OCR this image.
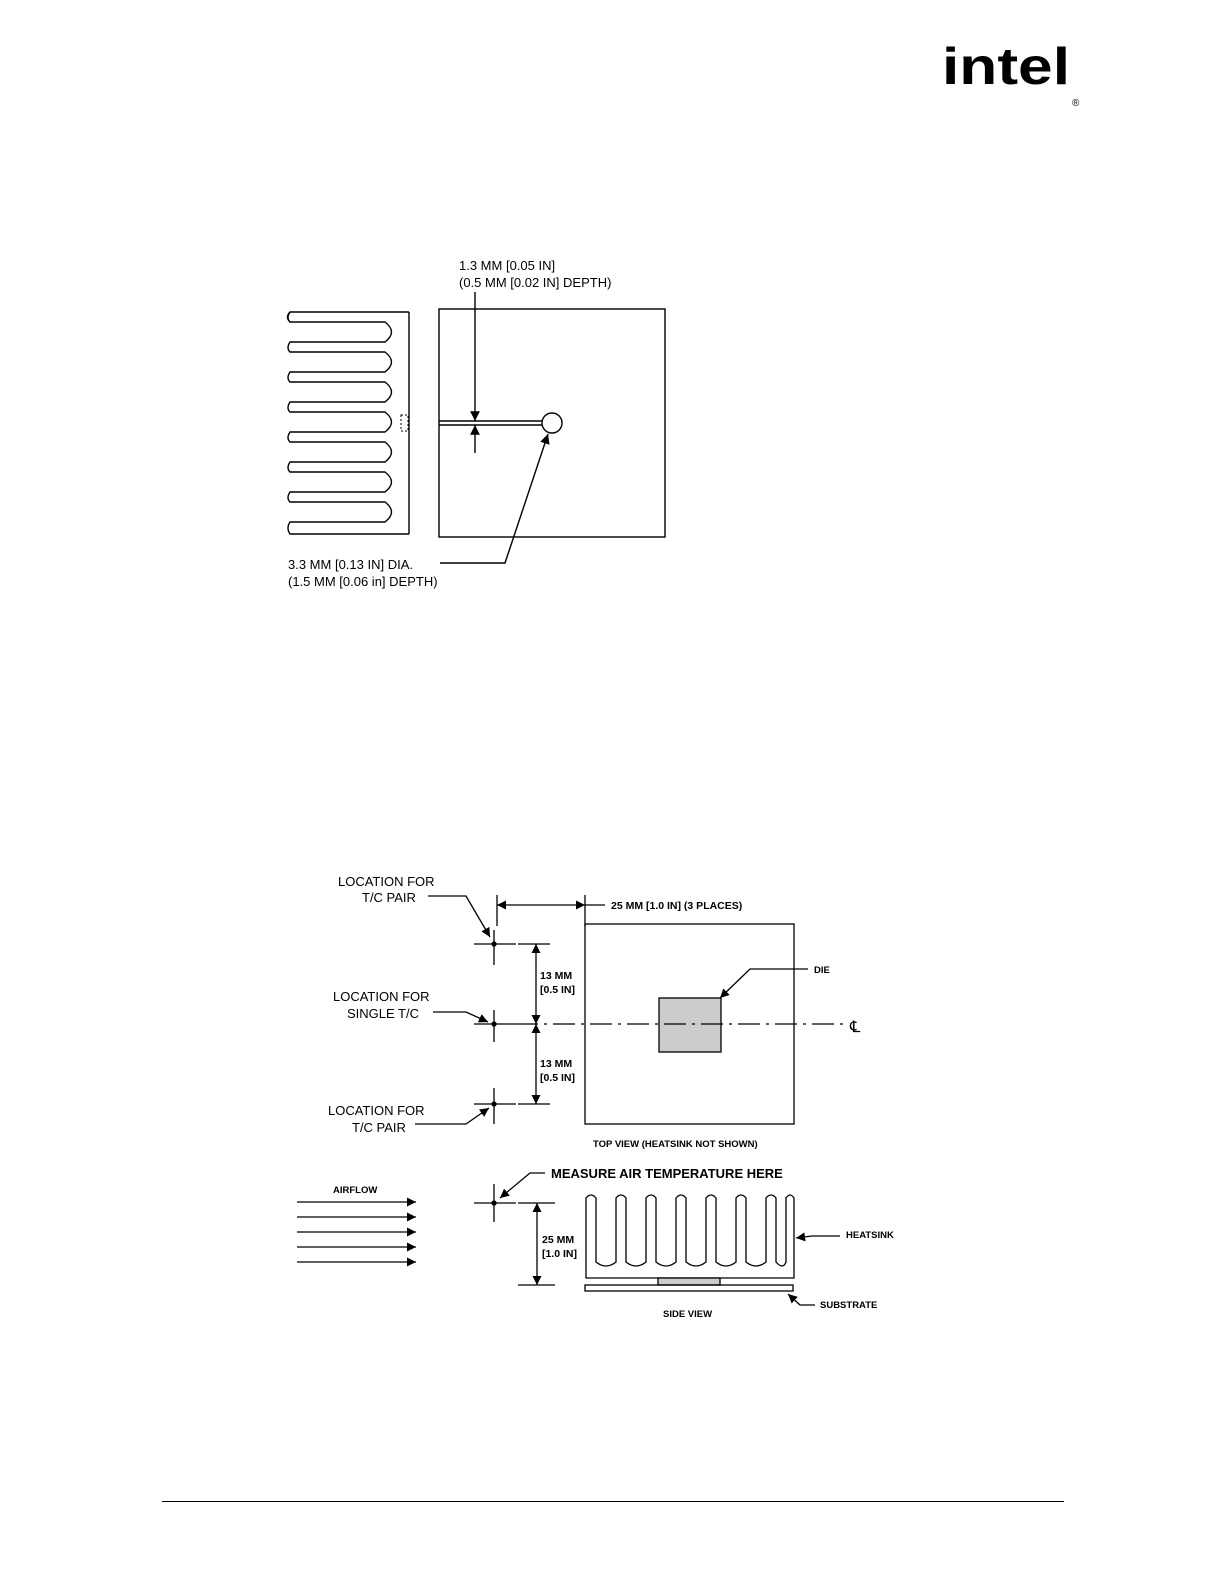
intel
®
1.3 MM [0.05 IN]
(0.5 MM [0.02 IN] DEPTH)
3.3 MM [0.13 IN] DIA.
(1.5 MM [0.06 in] DEPTH)
LOCATION FOR
T/C PAIR
LOCATION FOR
SINGLE T/C
LOCATION FOR
T/C PAIR
25 MM [1.0 IN] (3 PLACES)
13 MM
[0.5 IN]
13 MM
[0.5 IN]
DIE
℄
TOP VIEW (HEATSINK NOT SHOWN)
AIRFLOW
MEASURE AIR TEMPERATURE HERE
25 MM
[1.0 IN]
HEATSINK
SUBSTRATE
SIDE VIEW
